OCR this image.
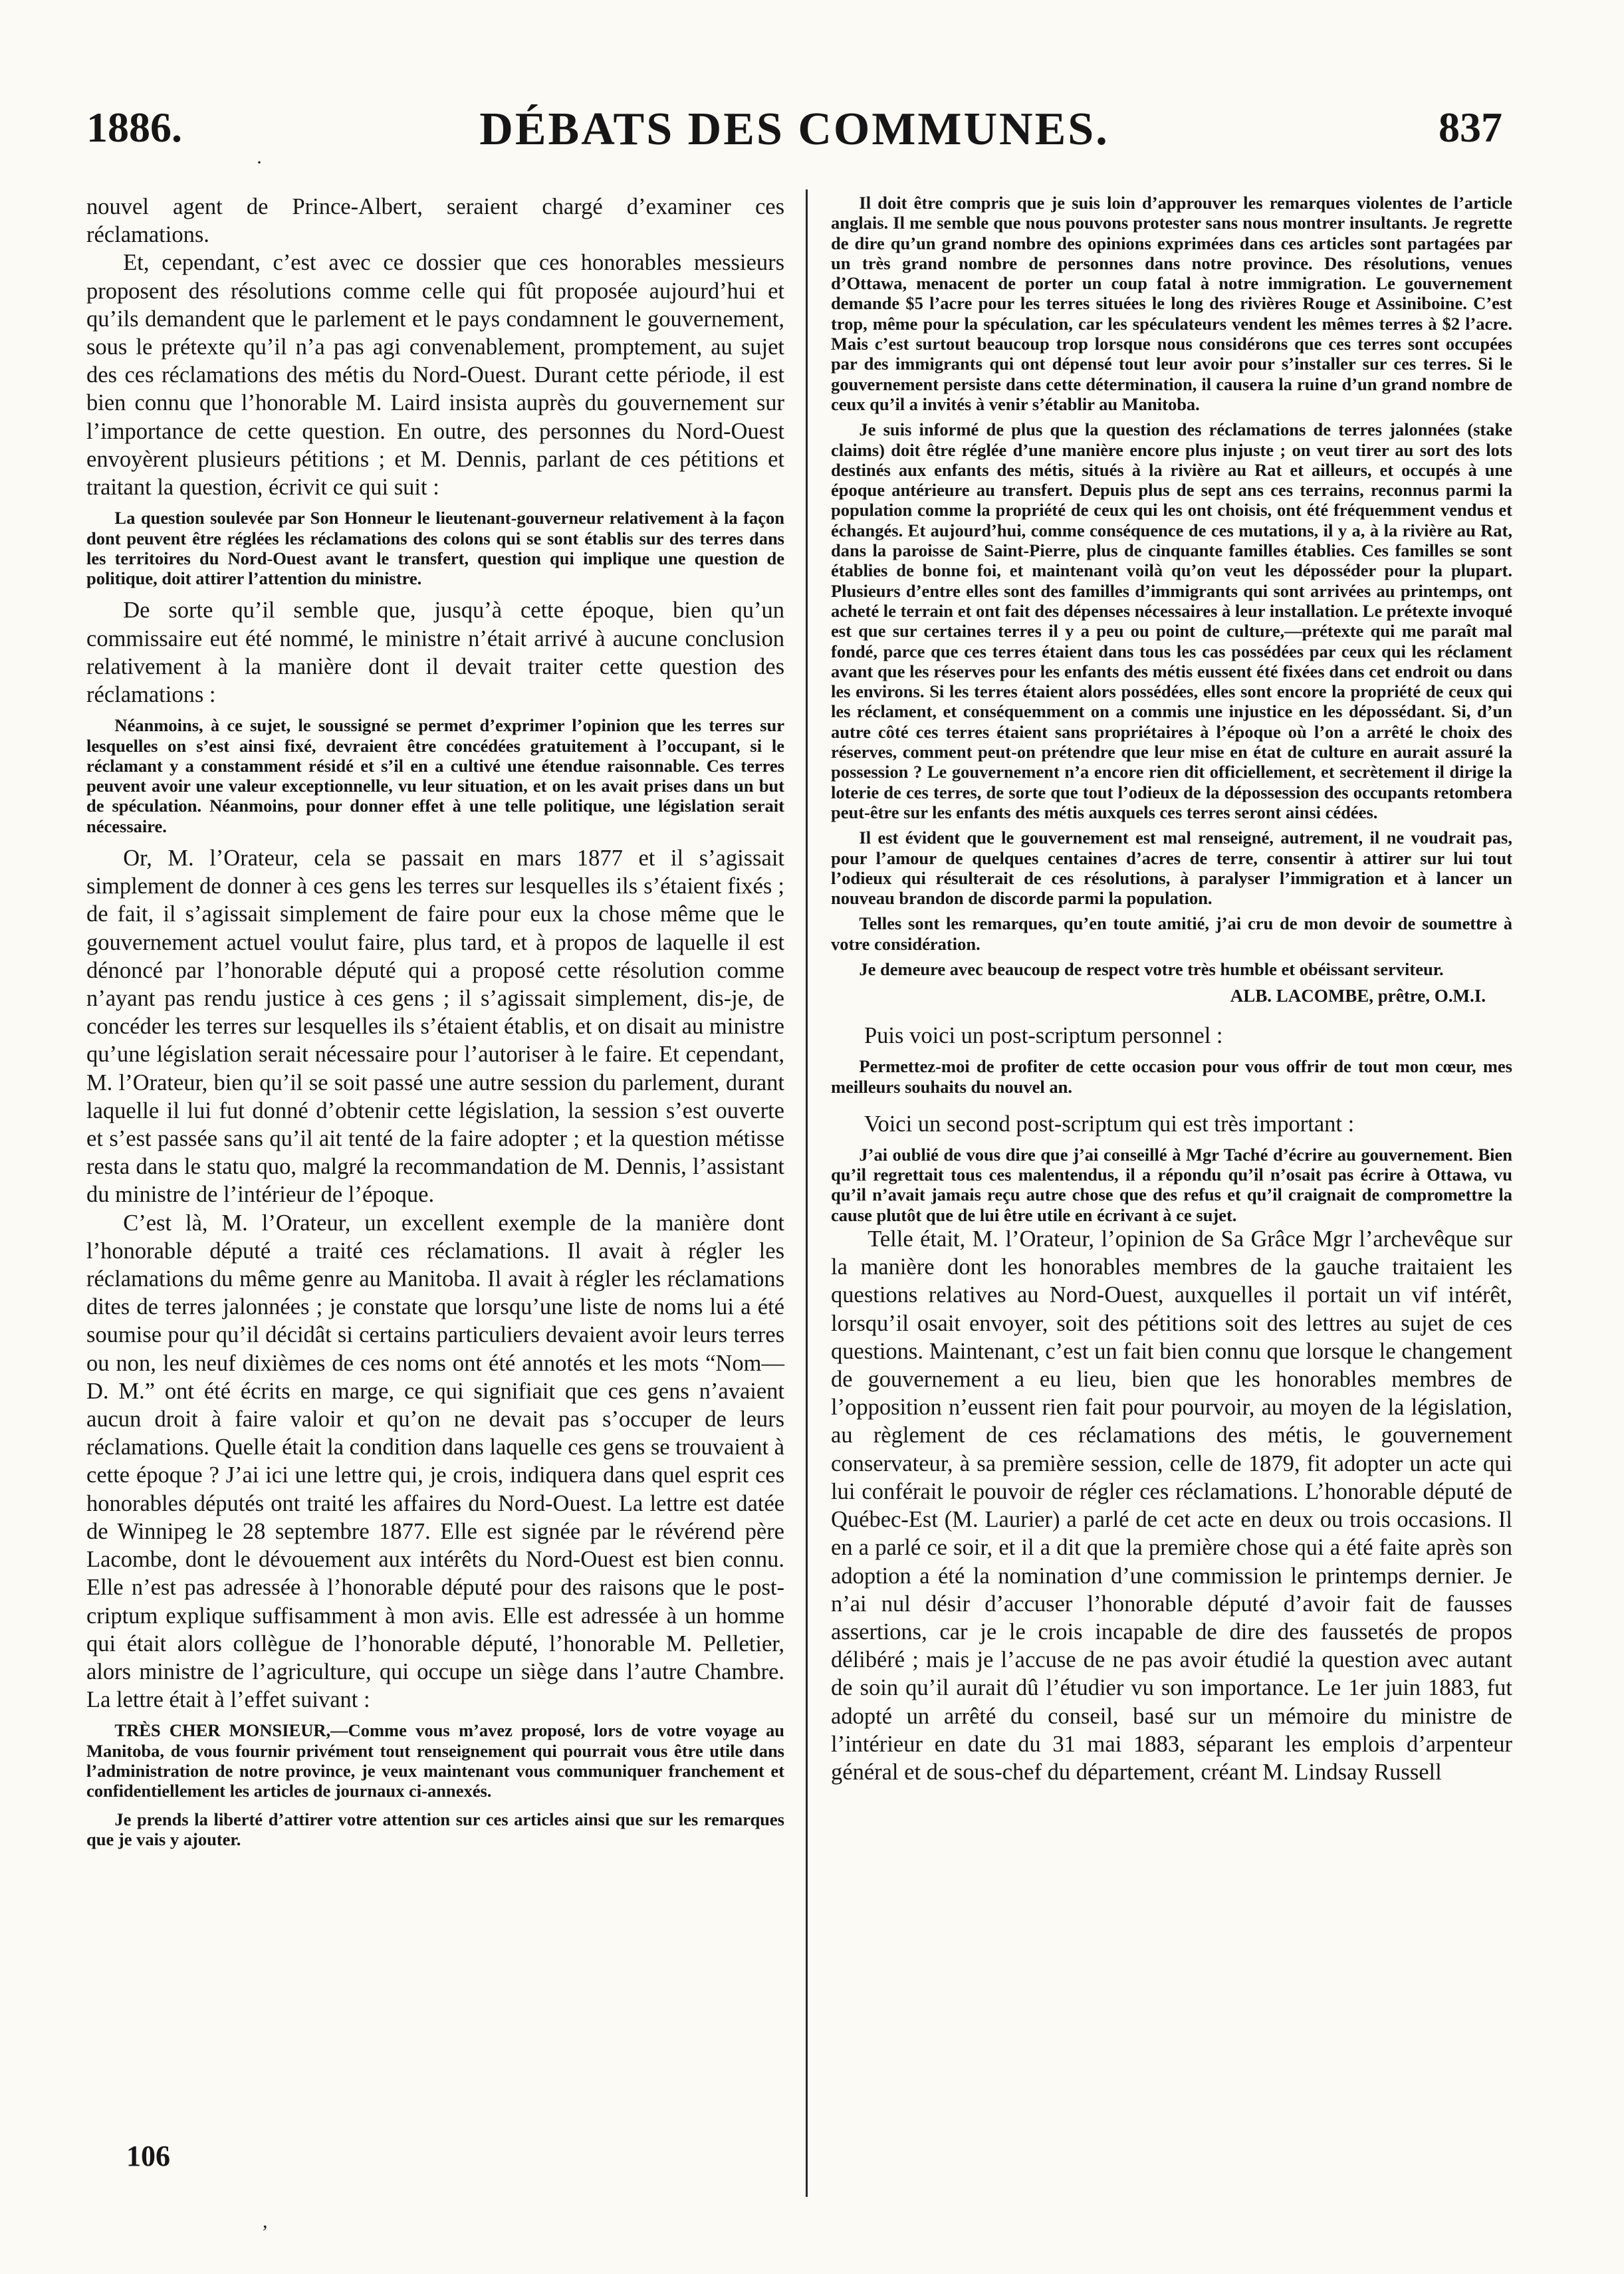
1886.	DÉBATS DES COMMUNES.	837
·

nouvel agent de Prince-Albert, seraient chargé d’examiner ces réclamations.

Et, cependant, c’est avec ce dossier que ces honorables messieurs proposent des résolutions comme celle qui fût proposée aujourd’hui et qu’ils demandent que le parlement et le pays condamnent le gouvernement, sous le prétexte qu’il n’a pas agi convenablement, promptement, au sujet des ces réclamations des métis du Nord-Ouest. Durant cette période, il est bien connu que l’honorable M. Laird insista auprès du gouvernement sur l’importance de cette question. En outre, des personnes du Nord-Ouest envoyèrent plusieurs pétitions ; et M. Dennis, parlant de ces pétitions et traitant la question, écrivit ce qui suit :

La question soulevée par Son Honneur le lieutenant-gouverneur relativement à la façon dont peuvent être réglées les réclamations des colons qui se sont établis sur des terres dans les territoires du Nord-Ouest avant le transfert, question qui implique une question de politique, doit attirer l’attention du ministre.

De sorte qu’il semble que, jusqu’à cette époque, bien qu’un commissaire eut été nommé, le ministre n’était arrivé à aucune conclusion relativement à la manière dont il devait traiter cette question des réclamations :

Néanmoins, à ce sujet, le soussigné se permet d’exprimer l’opinion que les terres sur lesquelles on s’est ainsi fixé, devraient être concédées gratuitement à l’occupant, si le réclamant y a constamment résidé et s’il en a cultivé une étendue raisonnable. Ces terres peuvent avoir une valeur exceptionnelle, vu leur situation, et on les avait prises dans un but de spéculation. Néanmoins, pour donner effet à une telle politique, une législation serait nécessaire.

Or, M. l’Orateur, cela se passait en mars 1877 et il s’agissait simplement de donner à ces gens les terres sur lesquelles ils s’étaient fixés ; de fait, il s’agissait simplement de faire pour eux la chose même que le gouvernement actuel voulut faire, plus tard, et à propos de laquelle il est dénoncé par l’honorable député qui a proposé cette résolution comme n’ayant pas rendu justice à ces gens ; il s’agissait simplement, dis-je, de concéder les terres sur lesquelles ils s’étaient établis, et on disait au ministre qu’une législation serait nécessaire pour l’autoriser à le faire. Et cependant, M. l’Orateur, bien qu’il se soit passé une autre session du parlement, durant laquelle il lui fut donné d’obtenir cette législation, la session s’est ouverte et s’est passée sans qu’il ait tenté de la faire adopter ; et la question métisse resta dans le statu quo, malgré la recommandation de M. Dennis, l’assistant du ministre de l’intérieur de l’époque.

C’est là, M. l’Orateur, un excellent exemple de la manière dont l’honorable député a traité ces réclamations. Il avait à régler les réclamations du même genre au Manitoba. Il avait à régler les réclamations dites de terres jalonnées ; je constate que lorsqu’une liste de noms lui a été soumise pour qu’il décidât si certains particuliers devaient avoir leurs terres ou non, les neuf dixièmes de ces noms ont été annotés et les mots “Nom—D. M.” ont été écrits en marge, ce qui signifiait que ces gens n’avaient aucun droit à faire valoir et qu’on ne devait pas s’occuper de leurs réclamations. Quelle était la condition dans laquelle ces gens se trouvaient à cette époque ? J’ai ici une lettre qui, je crois, indiquera dans quel esprit ces honorables députés ont traité les affaires du Nord-Ouest. La lettre est datée de Winnipeg le 28 septembre 1877. Elle est signée par le révérend père Lacombe, dont le dévouement aux intérêts du Nord-Ouest est bien connu. Elle n’est pas adressée à l’honorable député pour des raisons que le post-criptum explique suffisamment à mon avis. Elle est adressée à un homme qui était alors collègue de l’honorable député, l’honorable M. Pelletier, alors ministre de l’agriculture, qui occupe un siège dans l’autre Chambre. La lettre était à l’effet suivant :

TRÈS CHER MONSIEUR,—Comme vous m’avez proposé, lors de votre voyage au Manitoba, de vous fournir privément tout renseignement qui pourrait vous être utile dans l’administration de notre province, je veux maintenant vous communiquer franchement et confidentiellement les articles de journaux ci-annexés.

Je prends la liberté d’attirer votre attention sur ces articles ainsi que sur les remarques que je vais y ajouter.

Il doit être compris que je suis loin d’approuver les remarques violentes de l’article anglais. Il me semble que nous pouvons protester sans nous montrer insultants. Je regrette de dire qu’un grand nombre des opinions exprimées dans ces articles sont partagées par un très grand nombre de personnes dans notre province. Des résolutions, venues d’Ottawa, menacent de porter un coup fatal à notre immigration. Le gouvernement demande $5 l’acre pour les terres situées le long des rivières Rouge et Assiniboine. C’est trop, même pour la spéculation, car les spéculateurs vendent les mêmes terres à $2 l’acre. Mais c’est surtout beaucoup trop lorsque nous considérons que ces terres sont occupées par des immigrants qui ont dépensé tout leur avoir pour s’installer sur ces terres. Si le gouvernement persiste dans cette détermination, il causera la ruine d’un grand nombre de ceux qu’il a invités à venir s’établir au Manitoba.

Je suis informé de plus que la question des réclamations de terres jalonnées (stake claims) doit être réglée d’une manière encore plus injuste ; on veut tirer au sort des lots destinés aux enfants des métis, situés à la rivière au Rat et ailleurs, et occupés à une époque antérieure au transfert. Depuis plus de sept ans ces terrains, reconnus parmi la population comme la propriété de ceux qui les ont choisis, ont été fréquemment vendus et échangés. Et aujourd’hui, comme conséquence de ces mutations, il y a, à la rivière au Rat, dans la paroisse de Saint-Pierre, plus de cinquante familles établies. Ces familles se sont établies de bonne foi, et maintenant voilà qu’on veut les déposséder pour la plupart. Plusieurs d’entre elles sont des familles d’immigrants qui sont arrivées au printemps, ont acheté le terrain et ont fait des dépenses nécessaires à leur installation. Le prétexte invoqué est que sur certaines terres il y a peu ou point de culture,—prétexte qui me paraît mal fondé, parce que ces terres étaient dans tous les cas possédées par ceux qui les réclament avant que les réserves pour les enfants des métis eussent été fixées dans cet endroit ou dans les environs. Si les terres étaient alors possédées, elles sont encore la propriété de ceux qui les réclament, et conséquemment on a commis une injustice en les dépossédant. Si, d’un autre côté ces terres étaient sans propriétaires à l’époque où l’on a arrêté le choix des réserves, comment peut-on prétendre que leur mise en état de culture en aurait assuré la possession ? Le gouvernement n’a encore rien dit officiellement, et secrètement il dirige la loterie de ces terres, de sorte que tout l’odieux de la dépossession des occupants retombera peut-être sur les enfants des métis auxquels ces terres seront ainsi cédées.

Il est évident que le gouvernement est mal renseigné, autrement, il ne voudrait pas, pour l’amour de quelques centaines d’acres de terre, consentir à attirer sur lui tout l’odieux qui résulterait de ces résolutions, à paralyser l’immigration et à lancer un nouveau brandon de discorde parmi la population.

Telles sont les remarques, qu’en toute amitié, j’ai cru de mon devoir de soumettre à votre considération.

Je demeure avec beaucoup de respect votre très humble et obéissant serviteur.

ALB. LACOMBE, prêtre, O.M.I.
Puis voici un post-scriptum personnel :

Permettez-moi de profiter de cette occasion pour vous offrir de tout mon cœur, mes meilleurs souhaits du nouvel an.

Voici un second post-scriptum qui est très important :

J’ai oublié de vous dire que j’ai conseillé à Mgr Taché d’écrire au gouvernement. Bien qu’il regrettait tous ces malentendus, il a répondu qu’il n’osait pas écrire à Ottawa, vu qu’il n’avait jamais reçu autre chose que des refus et qu’il craignait de compromettre la cause plutôt que de lui être utile en écrivant à ce sujet.

Telle était, M. l’Orateur, l’opinion de Sa Grâce Mgr l’archevêque sur la manière dont les honorables membres de la gauche traitaient les questions relatives au Nord-Ouest, auxquelles il portait un vif intérêt, lorsqu’il osait envoyer, soit des pétitions soit des lettres au sujet de ces questions. Maintenant, c’est un fait bien connu que lorsque le changement de gouvernement a eu lieu, bien que les honorables membres de l’opposition n’eussent rien fait pour pourvoir, au moyen de la législation, au règlement de ces réclamations des métis, le gouvernement conservateur, à sa première session, celle de 1879, fit adopter un acte qui lui conférait le pouvoir de régler ces réclamations. L’honorable député de Québec-Est (M. Laurier) a parlé de cet acte en deux ou trois occasions. Il en a parlé ce soir, et il a dit que la première chose qui a été faite après son adoption a été la nomination d’une commission le printemps dernier. Je n’ai nul désir d’accuser l’honorable député d’avoir fait de fausses assertions, car je le crois incapable de dire des faussetés de propos délibéré ; mais je l’accuse de ne pas avoir étudié la question avec autant de soin qu’il aurait dû l’étudier vu son importance. Le 1er juin 1883, fut adopté un arrêté du conseil, basé sur un mémoire du ministre de l’intérieur en date du 31 mai 1883, séparant les emplois d’arpenteur général et de sous-chef du département, créant M. Lindsay Russell

106
,
